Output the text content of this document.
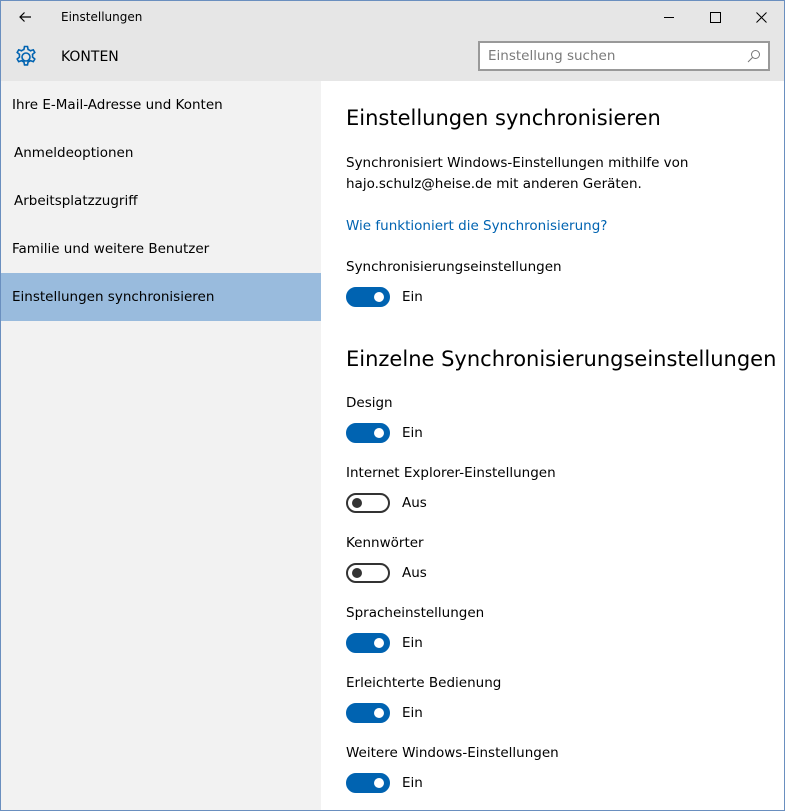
Einstellungen
KONTEN
Einstellung suchen
Ihre E-Mail-Adresse und Konten
Anmeldeoptionen
Arbeitsplatzzugriff
Familie und weitere Benutzer
Einstellungen synchronisieren
Einstellungen synchronisieren
Synchronisiert Windows-Einstellungen mithilfe von hajo.schulz@heise.de mit anderen Geräten.
Wie funktioniert die Synchronisierung?
Synchronisierungseinstellungen
Ein
Einzelne Synchronisierungseinstellungen
Design
Ein
Internet Explorer-Einstellungen
Aus
Kennwörter
Aus
Spracheinstellungen
Ein
Erleichterte Bedienung
Ein
Weitere Windows-Einstellungen
Ein
